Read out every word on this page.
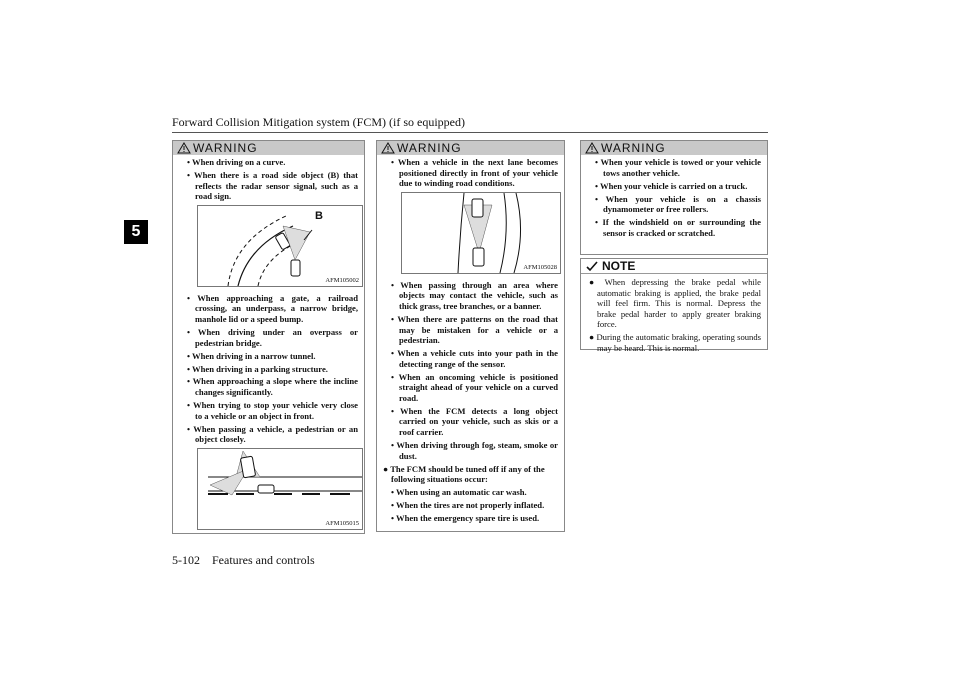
Forward Collision Mitigation system (FCM) (if so equipped)
5
WARNING
• When driving on a curve.
• When there is a road side object (B) that reflects the radar sensor signal, such as a road sign.
B
AFM105002
• When approaching a gate, a railroad crossing, an underpass, a narrow bridge, manhole lid or a speed bump.
• When driving under an overpass or pedestrian bridge.
• When driving in a narrow tunnel.
• When driving in a parking structure.
• When approaching a slope where the incline changes significantly.
• When trying to stop your vehicle very close to a vehicle or an object in front.
• When passing a vehicle, a pedestrian or an object closely.
AFM105015
WARNING
• When a vehicle in the next lane becomes positioned directly in front of your vehicle due to winding road conditions.
AFM105028
• When passing through an area where objects may contact the vehicle, such as thick grass, tree branches, or a banner.
• When there are patterns on the road that may be mistaken for a vehicle or a pedestrian.
• When a vehicle cuts into your path in the detecting range of the sensor.
• When an oncoming vehicle is positioned straight ahead of your vehicle on a curved road.
• When the FCM detects a long object carried on your vehicle, such as skis or a roof carrier.
• When driving through fog, steam, smoke or dust.
● The FCM should be tuned off if any of the following situations occur:
• When using an automatic car wash.
• When the tires are not properly inflated.
• When the emergency spare tire is used.
WARNING
• When your vehicle is towed or your vehicle tows another vehicle.
• When your vehicle is carried on a truck.
• When your vehicle is on a chassis dynamometer or free rollers.
• If the windshield on or surrounding the sensor is cracked or scratched.
NOTE
● When depressing the brake pedal while automatic braking is applied, the brake pedal will feel firm. This is normal. Depress the brake pedal harder to apply greater braking force.
● During the automatic braking, operating sounds may be heard. This is normal.
5-102 Features and controls
